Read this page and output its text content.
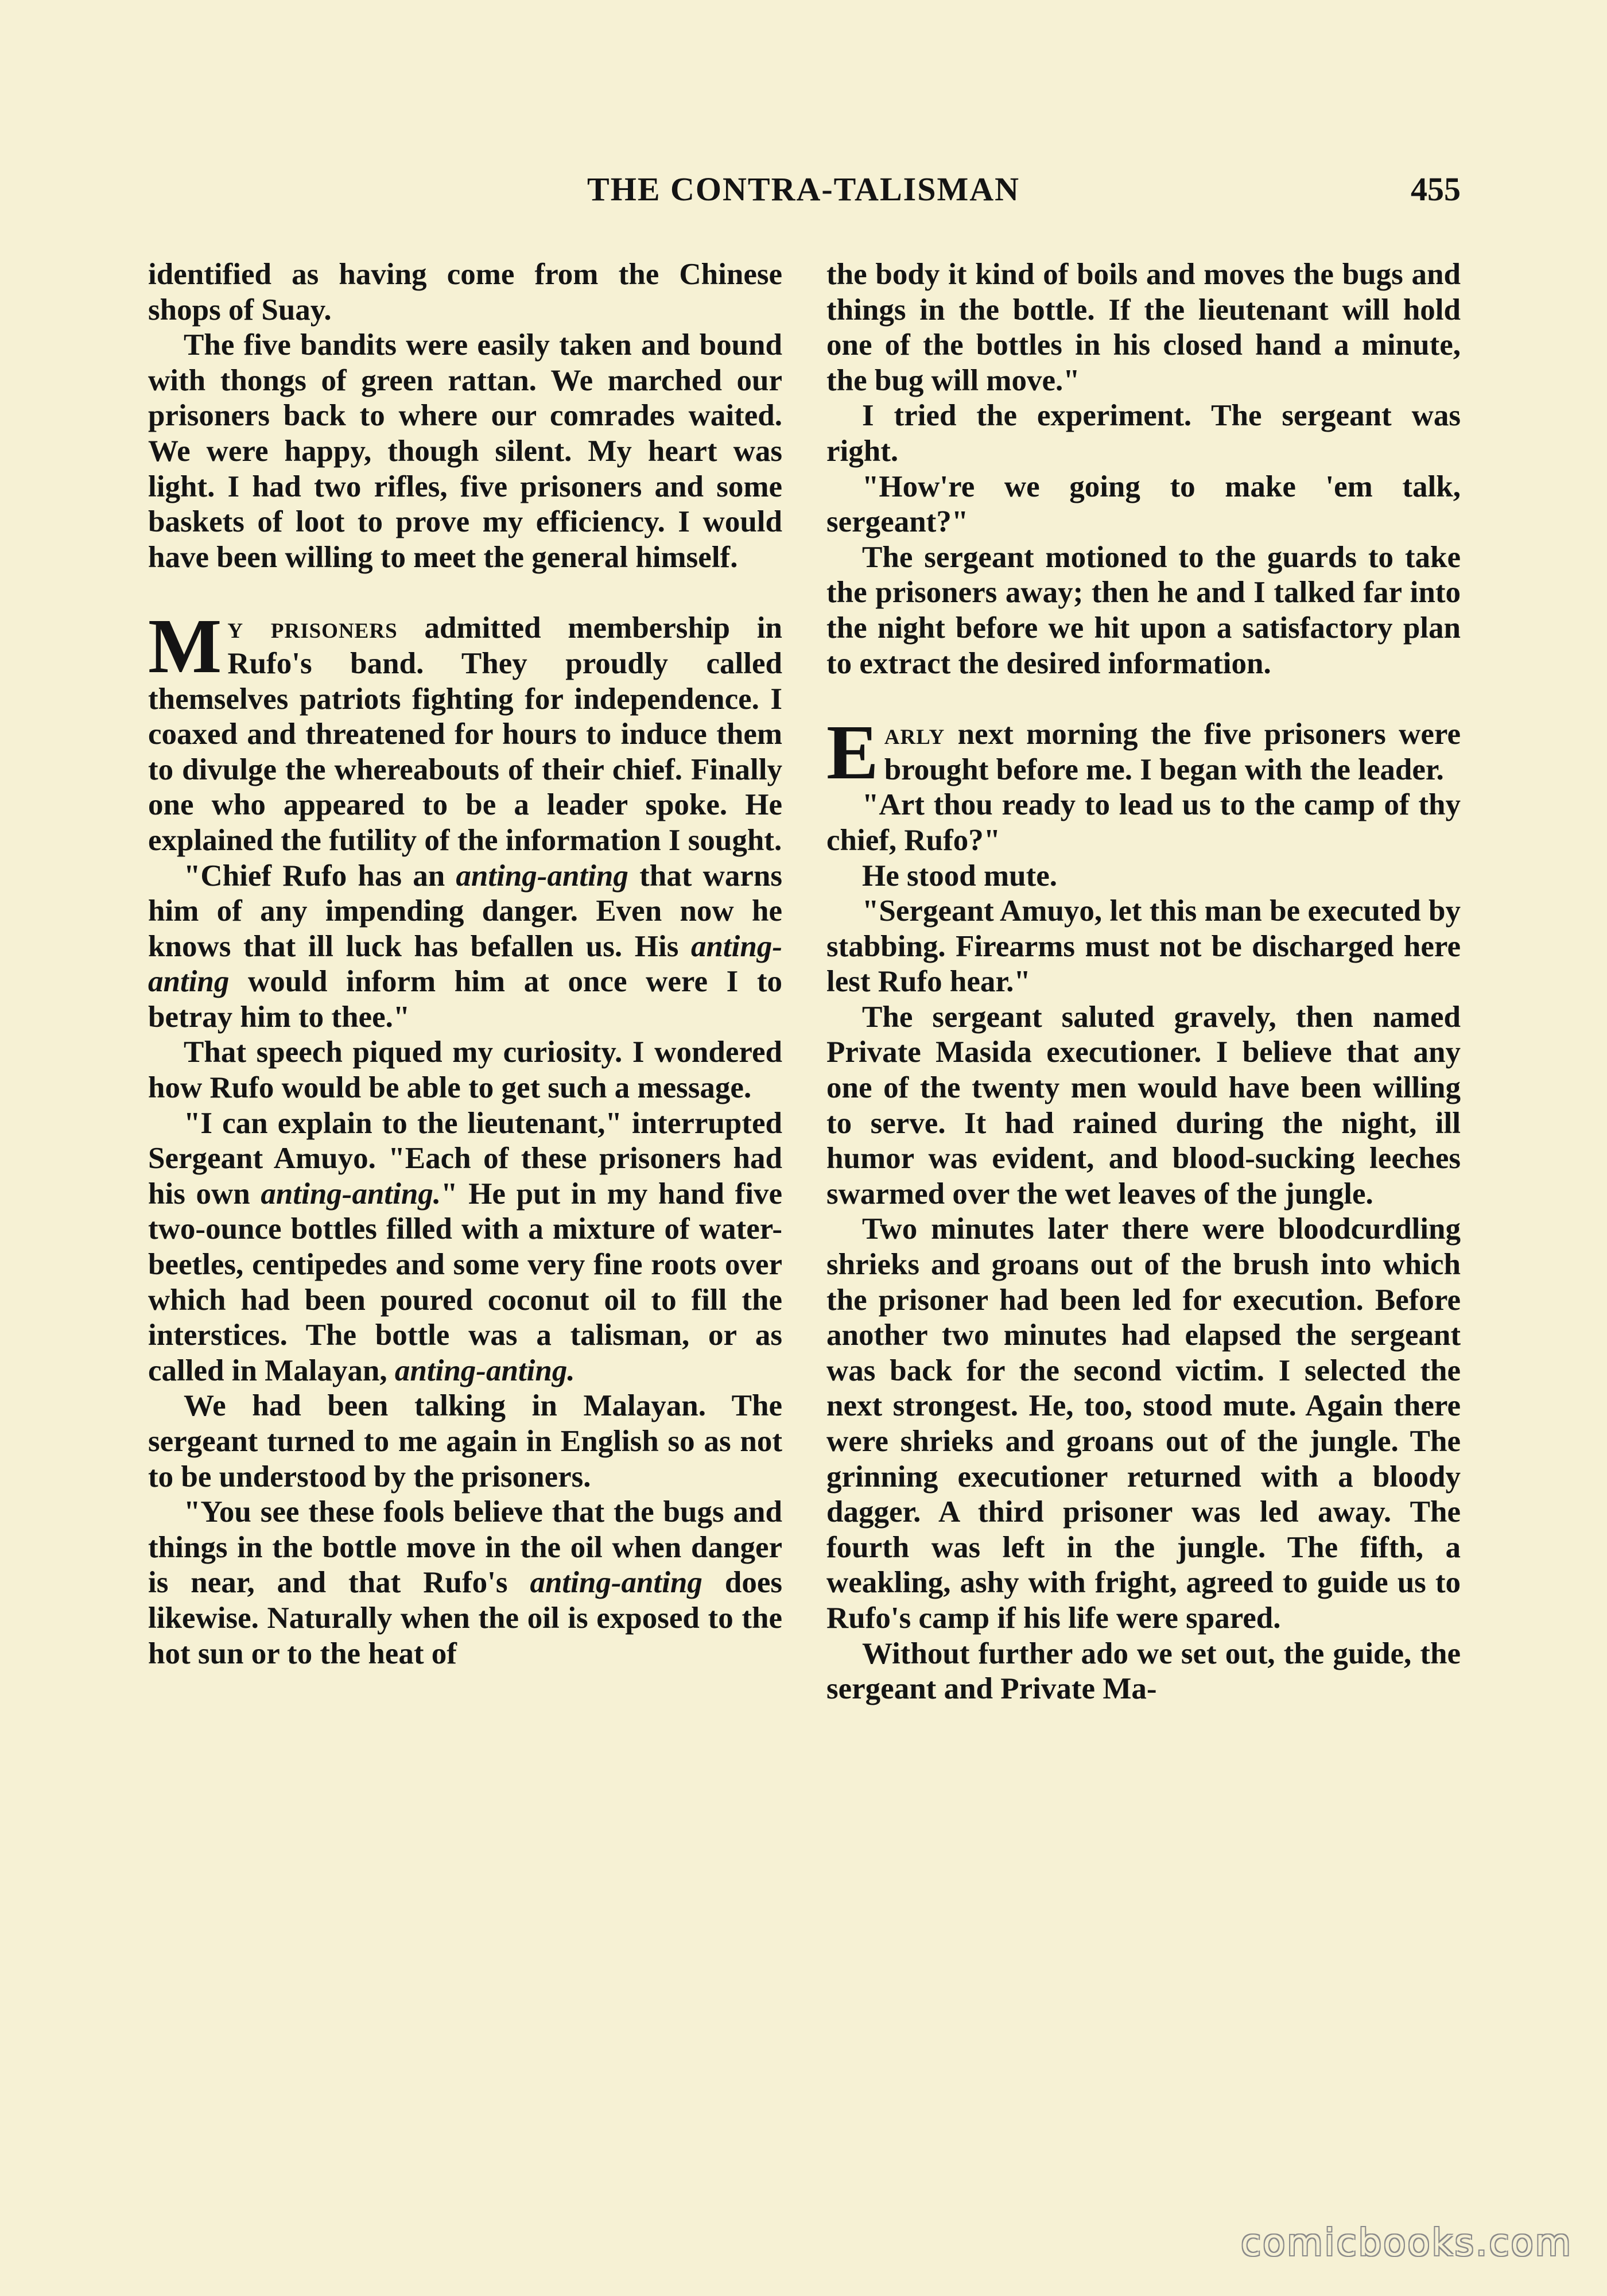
THE CONTRA-TALISMAN	455

identified as having come from the Chinese shops of Suay.

The five bandits were easily taken and bound with thongs of green rattan. We marched our prisoners back to where our comrades waited. We were happy, though silent. My heart was light. I had two rifles, five prisoners and some baskets of loot to prove my efficiency. I would have been willing to meet the general himself.

My prisoners admitted membership in Rufo's band. They proudly called themselves patriots fighting for independence. I coaxed and threatened for hours to induce them to divulge the whereabouts of their chief. Finally one who appeared to be a leader spoke. He explained the futility of the information I sought.

"Chief Rufo has an anting-anting that warns him of any impending danger. Even now he knows that ill luck has befallen us. His anting-anting would inform him at once were I to betray him to thee."

That speech piqued my curiosity. I wondered how Rufo would be able to get such a message.

"I can explain to the lieutenant," interrupted Sergeant Amuyo. "Each of these prisoners had his own anting-anting." He put in my hand five two-ounce bottles filled with a mixture of water-beetles, centipedes and some very fine roots over which had been poured coconut oil to fill the interstices. The bottle was a talisman, or as called in Malayan, anting-anting.

We had been talking in Malayan. The sergeant turned to me again in English so as not to be understood by the prisoners.

"You see these fools believe that the bugs and things in the bottle move in the oil when danger is near, and that Rufo's anting-anting does likewise. Naturally when the oil is exposed to the hot sun or to the heat of

the body it kind of boils and moves the bugs and things in the bottle. If the lieutenant will hold one of the bottles in his closed hand a minute, the bug will move."

I tried the experiment. The sergeant was right.

"How're we going to make 'em talk, sergeant?"

The sergeant motioned to the guards to take the prisoners away; then he and I talked far into the night before we hit upon a satisfactory plan to extract the desired information.

Early next morning the five prisoners were brought before me. I began with the leader.

"Art thou ready to lead us to the camp of thy chief, Rufo?"

He stood mute.

"Sergeant Amuyo, let this man be executed by stabbing. Firearms must not be discharged here lest Rufo hear."

The sergeant saluted gravely, then named Private Masida executioner. I believe that any one of the twenty men would have been willing to serve. It had rained during the night, ill humor was evident, and blood-sucking leeches swarmed over the wet leaves of the jungle.

Two minutes later there were bloodcurdling shrieks and groans out of the brush into which the prisoner had been led for execution. Before another two minutes had elapsed the sergeant was back for the second victim. I selected the next strongest. He, too, stood mute. Again there were shrieks and groans out of the jungle. The grinning executioner returned with a bloody dagger. A third prisoner was led away. The fourth was left in the jungle. The fifth, a weakling, ashy with fright, agreed to guide us to Rufo's camp if his life were spared.

Without further ado we set out, the guide, the sergeant and Private Ma-

comicbooks.com
